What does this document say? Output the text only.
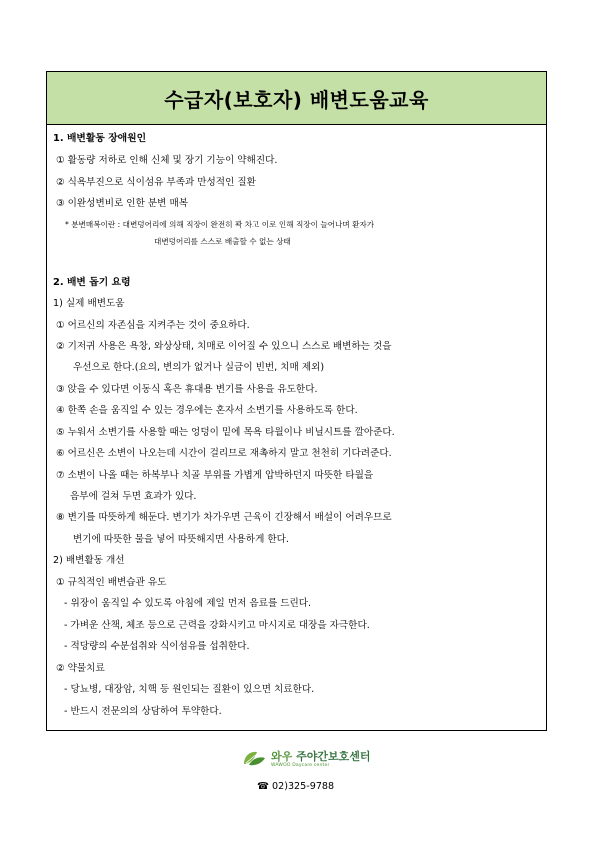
수급자(보호자) 배변도움교육
1. 배변활동 장애원인
① 활동량 저하로 인해 신체 및 장기 기능이 약해진다.
② 식욕부진으로 식이섬유 부족과 만성적인 질환
③ 이완성변비로 인한 분변 매복
* 분변매복이란 : 대변덩어리에 의해 직장이 완전히 꽉 차고 이로 인해 직장이 늘어나며 환자가
대변덩어리를 스스로 배출할 수 없는 상태
2. 배변 돕기 요령
1) 실제 배변도움
① 어르신의 자존심을 지켜주는 것이 중요하다.
② 기저귀 사용은 욕창, 와상상태, 치매로 이어질 수 있으니 스스로 배변하는 것을
우선으로 한다.(요의, 변의가 없거나 실금이 빈번, 치매 제외)
③ 앉을 수 있다면 이동식 혹은 휴대용 변기를 사용을 유도한다.
④ 한쪽 손을 움직일 수 있는 경우에는 혼자서 소변기를 사용하도록 한다.
⑤ 누워서 소변기를 사용할 때는 엉덩이 밑에 목욕 타월이나 비닐시트를 깔아준다.
⑥ 어르신은 소변이 나오는데 시간이 걸리므로 재촉하지 말고 천천히 기다려준다.
⑦ 소변이 나올 때는 하복부나 치골 부위를 가볍게 압박하던지 따뜻한 타월을
음부에 걸쳐 두면 효과가 있다.
⑧ 변기를 따뜻하게 해둔다. 변기가 차가우면 근육이 긴장해서 배설이 어려우므로
변기에 따뜻한 물을 넣어 따뜻해지면 사용하게 한다.
2) 배변활동 개선
① 규칙적인 배변습관 유도
- 위장이 움직일 수 있도록 아침에 제일 먼저 음료를 드린다.
- 가벼운 산책, 체조 등으로 근력을 강화시키고 마시지로 대장을 자극한다.
- 적당량의 수분섭취와 식이섬유를 섭취한다.
② 약물치료
- 당뇨병, 대장암, 치핵 등 원인되는 질환이 있으면 치료한다.
- 반드시 전문의의 상담하여 투약한다.
와우 주야간보호센터
WAWOO Daycare center
☎ 02)325-9788
